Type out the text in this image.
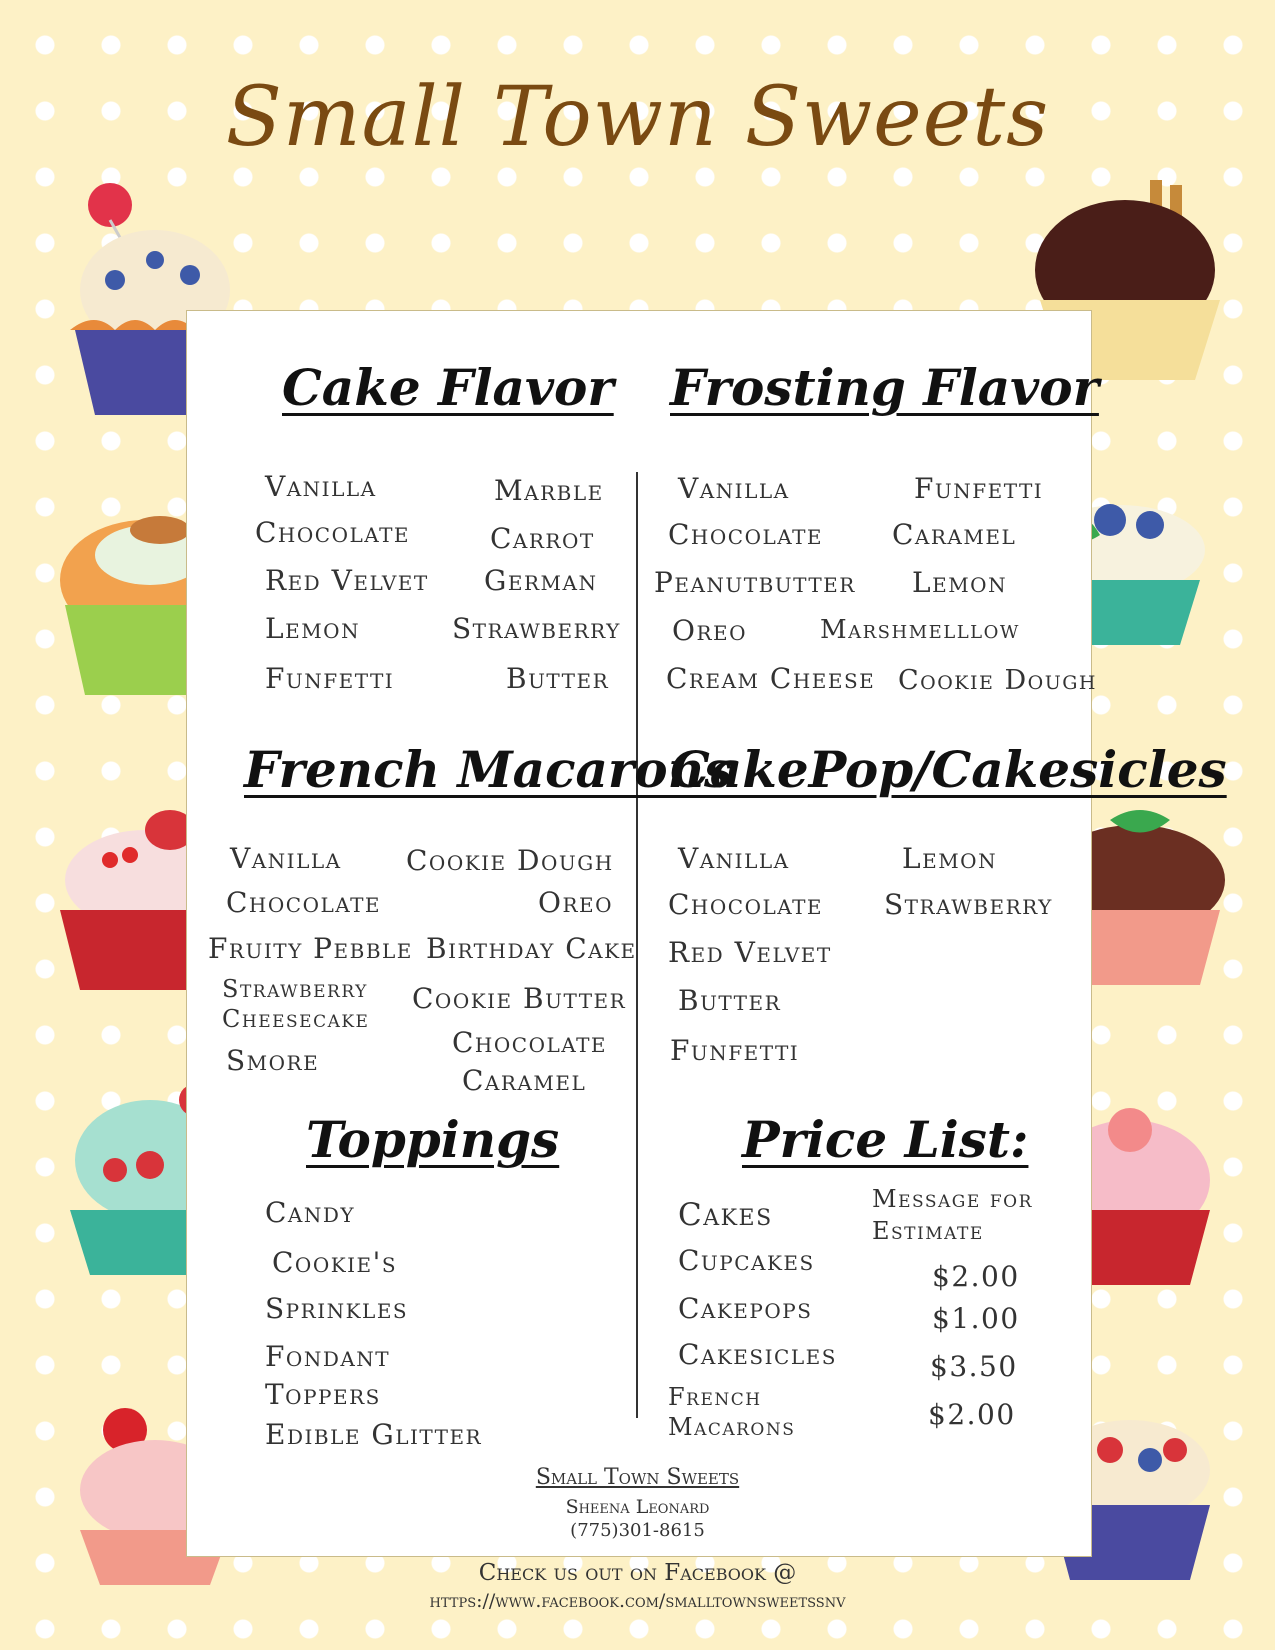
Small Town Sweets
Cake Flavor
Vanilla
Chocolate
Red Velvet
Lemon
Funfetti
Marble
Carrot
German
Strawberry
Butter
Frosting Flavor
Vanilla
Chocolate
Peanutbutter
Oreo
Cream Cheese
Funfetti
Caramel
Lemon
Marshmelllow
Cookie Dough
French Macarons
Vanilla
Chocolate
Fruity Pebble
Strawberry
Cheesecake
Smore
Cookie Dough
Oreo
Birthday Cake
Cookie Butter
Chocolate
Caramel
CakePop/Cakesicles
Vanilla
Chocolate
Red Velvet
Butter
Funfetti
Lemon
Strawberry
Toppings
Candy
Cookie's
Sprinkles
Fondant
Toppers
Edible Glitter
Price List:
Cakes
Cupcakes
Cakepops
Cakesicles
French
Macarons
Message for
Estimate
$2.00
$1.00
$3.50
$2.00
Small Town Sweets
Sheena Leonard
(775)301-8615
Check us out on Facebook @
https://www.facebook.com/smalltownsweetssnv
